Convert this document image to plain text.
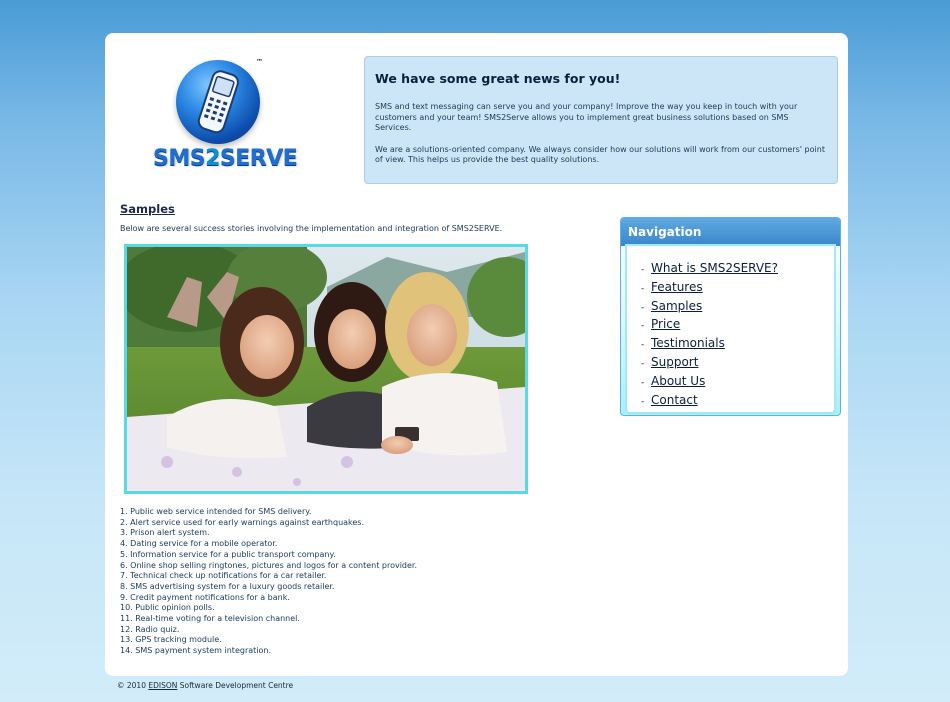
™
SMS2SERVE
We have some great news for you!

SMS and text messaging can serve you and your company! Improve the way you keep in touch with your customers and your team! SMS2Serve allows you to implement great business solutions based on SMS Services.

We are a solutions-oriented company. We always consider how our solutions will work from our customers' point of view. This helps us provide the best quality solutions.

Samples
Below are several success stories involving the implementation and integration of SMS2SERVE.
1. Public web service intended for SMS delivery.
2. Alert service used for early warnings against earthquakes.
3. Prison alert system.
4. Dating service for a mobile operator.
5. Information service for a public transport company.
6. Online shop selling ringtones, pictures and logos for a content provider.
7. Technical check up notifications for a car retailer.
8. SMS advertising system for a luxury goods retailer.
9. Credit payment notifications for a bank.
10. Public opinion polls.
11. Real-time voting for a television channel.
12. Radio quiz.
13. GPS tracking module.
14. SMS payment system integration.
Navigation
- What is SMS2SERVE?
- Features
- Samples
- Price
- Testimonials
- Support
- About Us
- Contact
© 2010 EDISON Software Development Centre
